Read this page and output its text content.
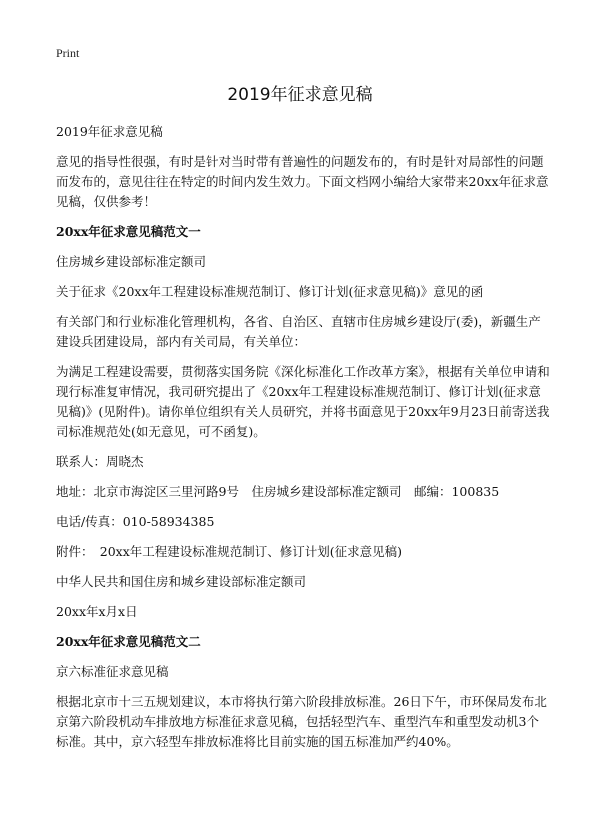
Print
2019年征求意见稿

2019年征求意见稿

意见的指导性很强，有时是针对当时带有普遍性的问题发布的，有时是针对局部性的问题而发布的，意见往往在特定的时间内发生效力。下面文档网小编给大家带来20xx年征求意见稿，仅供参考！

20xx年征求意见稿范文一

住房城乡建设部标准定额司

关于征求《20xx年工程建设标准规范制订、修订计划(征求意见稿)》意见的函

有关部门和行业标准化管理机构，各省、自治区、直辖市住房城乡建设厅(委)，新疆生产建设兵团建设局，部内有关司局，有关单位：

为满足工程建设需要，贯彻落实国务院《深化标准化工作改革方案》，根据有关单位申请和现行标准复审情况，我司研究提出了《20xx年工程建设标准规范制订、修订计划(征求意见稿)》(见附件)。请你单位组织有关人员研究，并将书面意见于20xx年9月23日前寄送我司标准规范处(如无意见，可不函复)。

联系人：周晓杰

地址：北京市海淀区三里河路9号　住房城乡建设部标准定额司　邮编：100835

电话/传真：010-58934385

附件：　20xx年工程建设标准规范制订、修订计划(征求意见稿)

中华人民共和国住房和城乡建设部标准定额司

20xx年x月x日

20xx年征求意见稿范文二

京六标准征求意见稿

根据北京市十三五规划建议，本市将执行第六阶段排放标准。26日下午，市环保局发布北京第六阶段机动车排放地方标准征求意见稿，包括轻型汽车、重型汽车和重型发动机3个标准。其中，京六轻型车排放标准将比目前实施的国五标准加严约40%。
